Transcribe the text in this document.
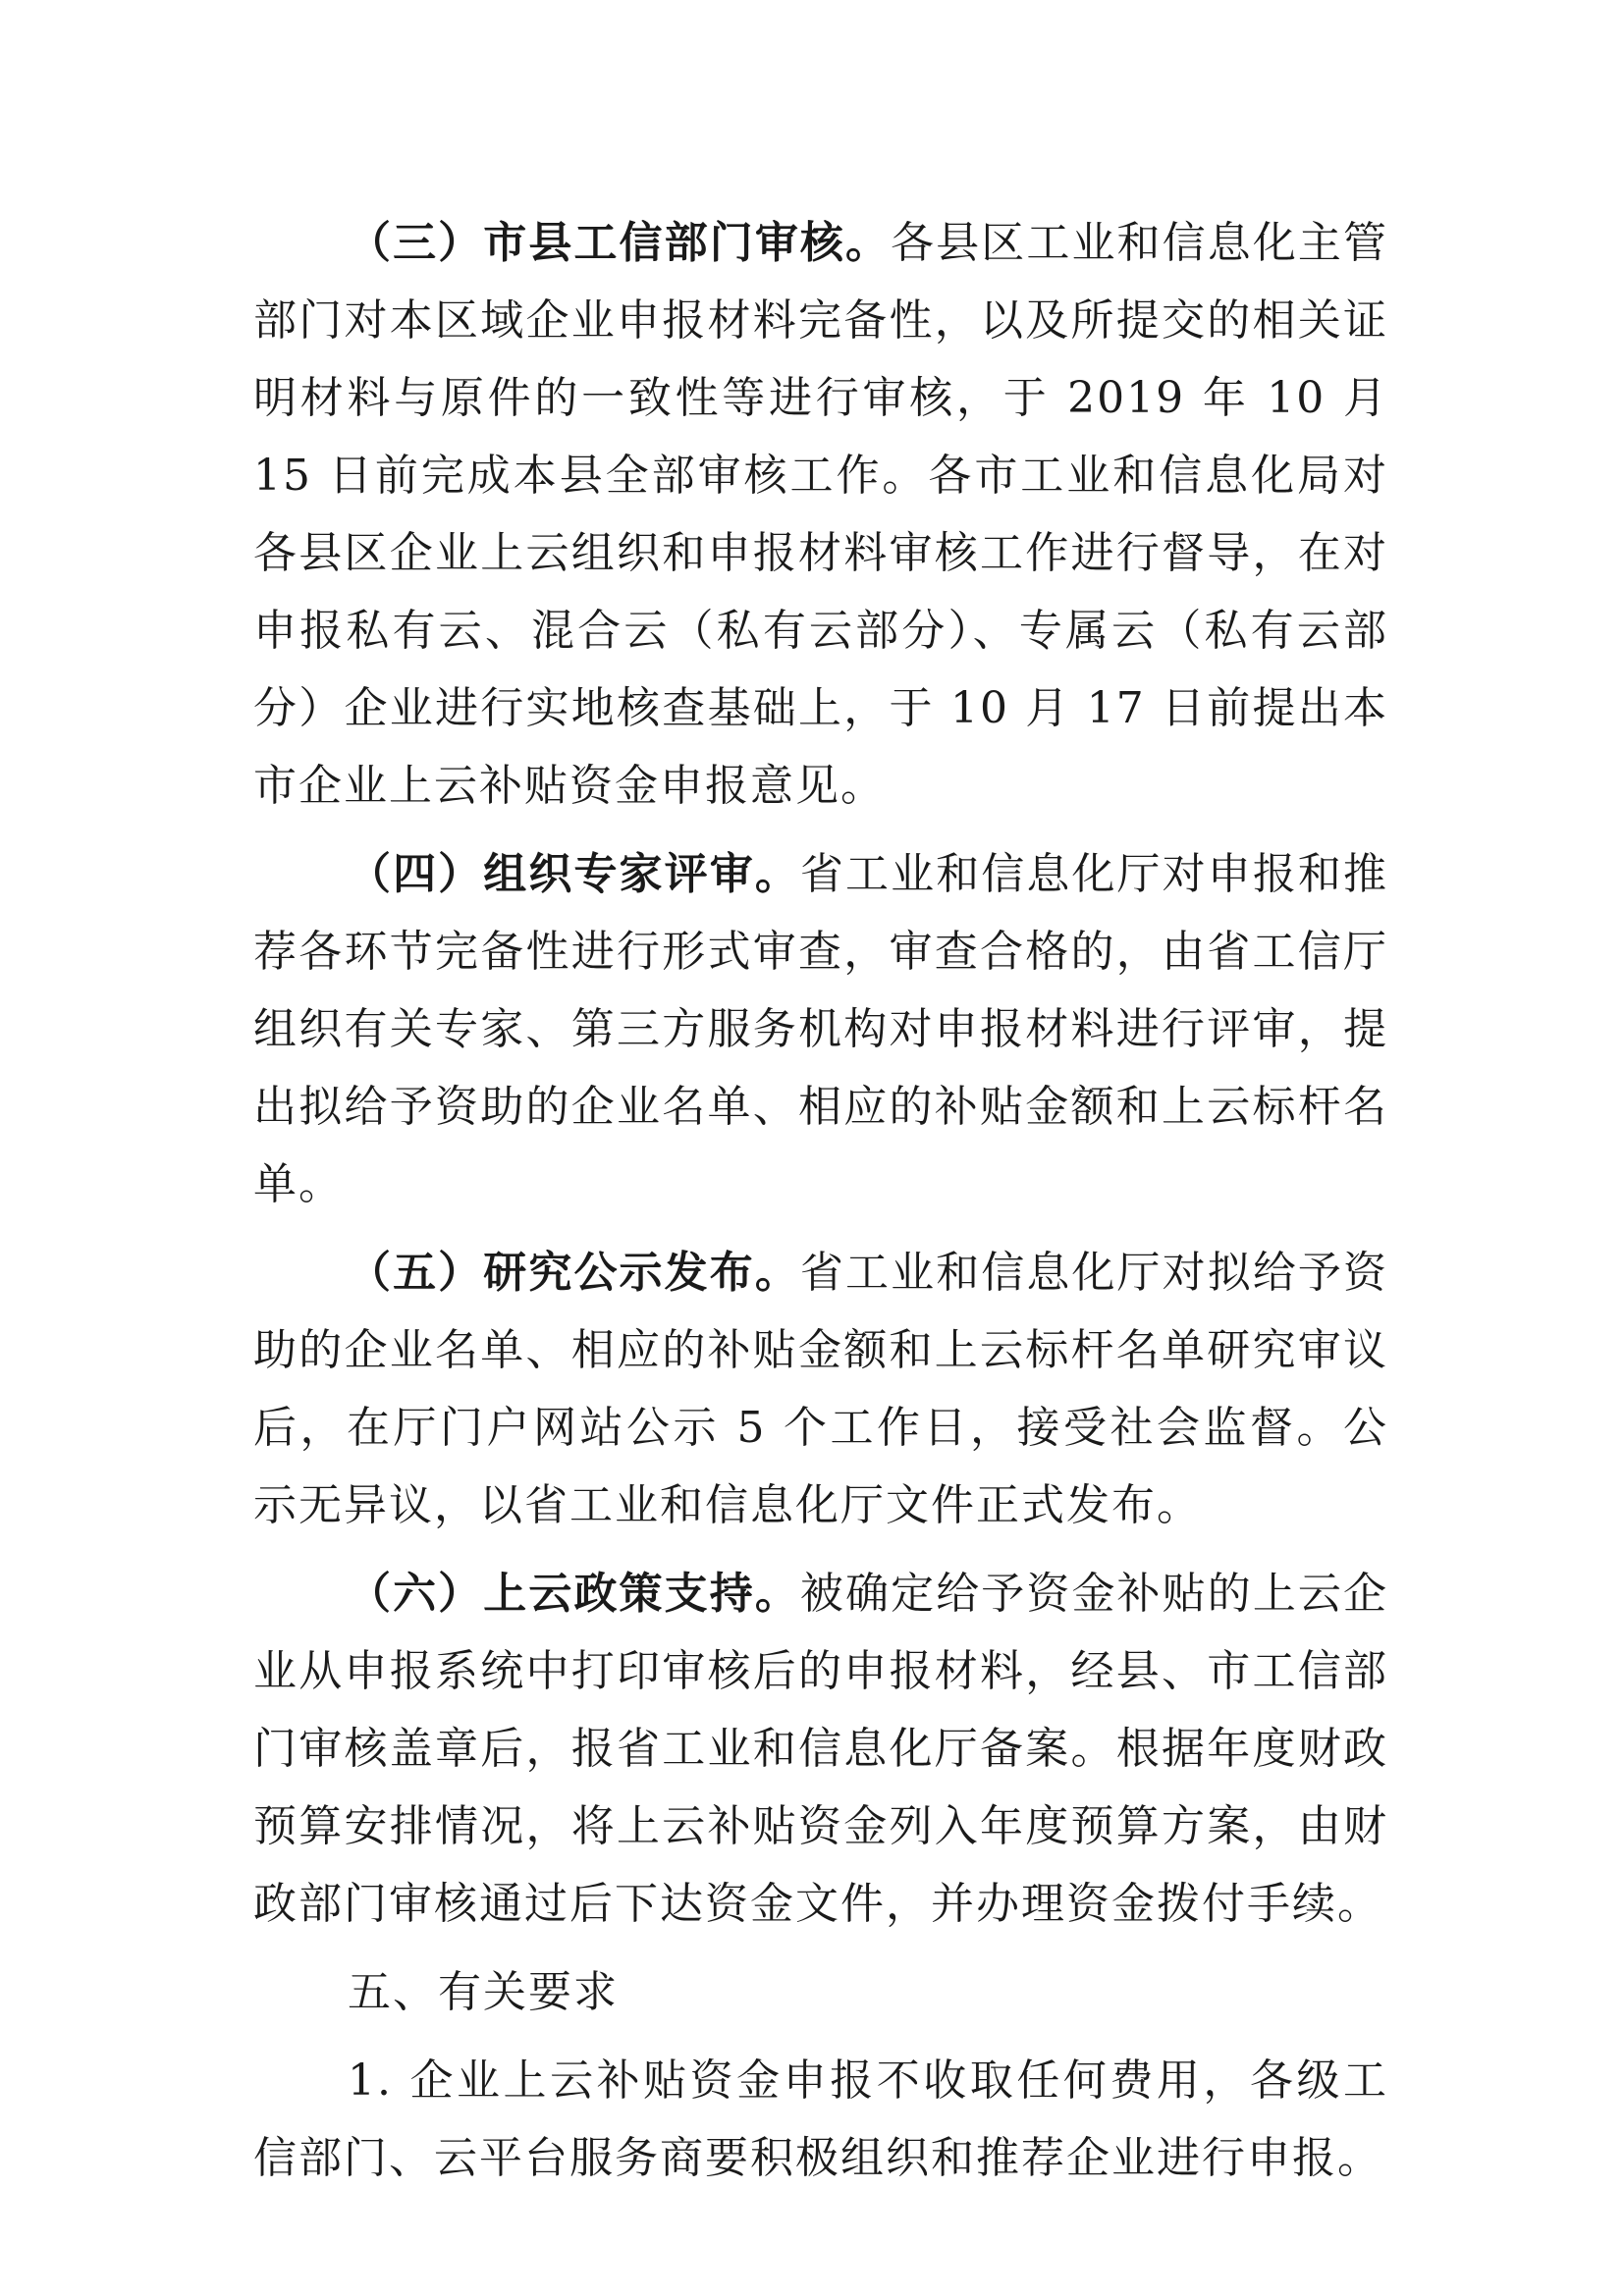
（三）市县工信部门审核。各县区工业和信息化主管部门对本区域企业申报材料完备性，以及所提交的相关证明材料与原件的一致性等进行审核，于 2019 年 10 月 15 日前完成本县全部审核工作。各市工业和信息化局对各县区企业上云组织和申报材料审核工作进行督导，在对申报私有云、混合云（私有云部分）、专属云（私有云部分）企业进行实地核查基础上，于 10 月 17 日前提出本市企业上云补贴资金申报意见。

（四）组织专家评审。省工业和信息化厅对申报和推荐各环节完备性进行形式审查，审查合格的，由省工信厅组织有关专家、第三方服务机构对申报材料进行评审，提出拟给予资助的企业名单、相应的补贴金额和上云标杆名单。

（五）研究公示发布。省工业和信息化厅对拟给予资助的企业名单、相应的补贴金额和上云标杆名单研究审议后，在厅门户网站公示 5 个工作日，接受社会监督。公示无异议，以省工业和信息化厅文件正式发布。

（六）上云政策支持。被确定给予资金补贴的上云企业从申报系统中打印审核后的申报材料，经县、市工信部门审核盖章后，报省工业和信息化厅备案。根据年度财政预算安排情况，将上云补贴资金列入年度预算方案，由财政部门审核通过后下达资金文件，并办理资金拨付手续。

五、有关要求

1. 企业上云补贴资金申报不收取任何费用，各级工信部门、云平台服务商要积极组织和推荐企业进行申报。
